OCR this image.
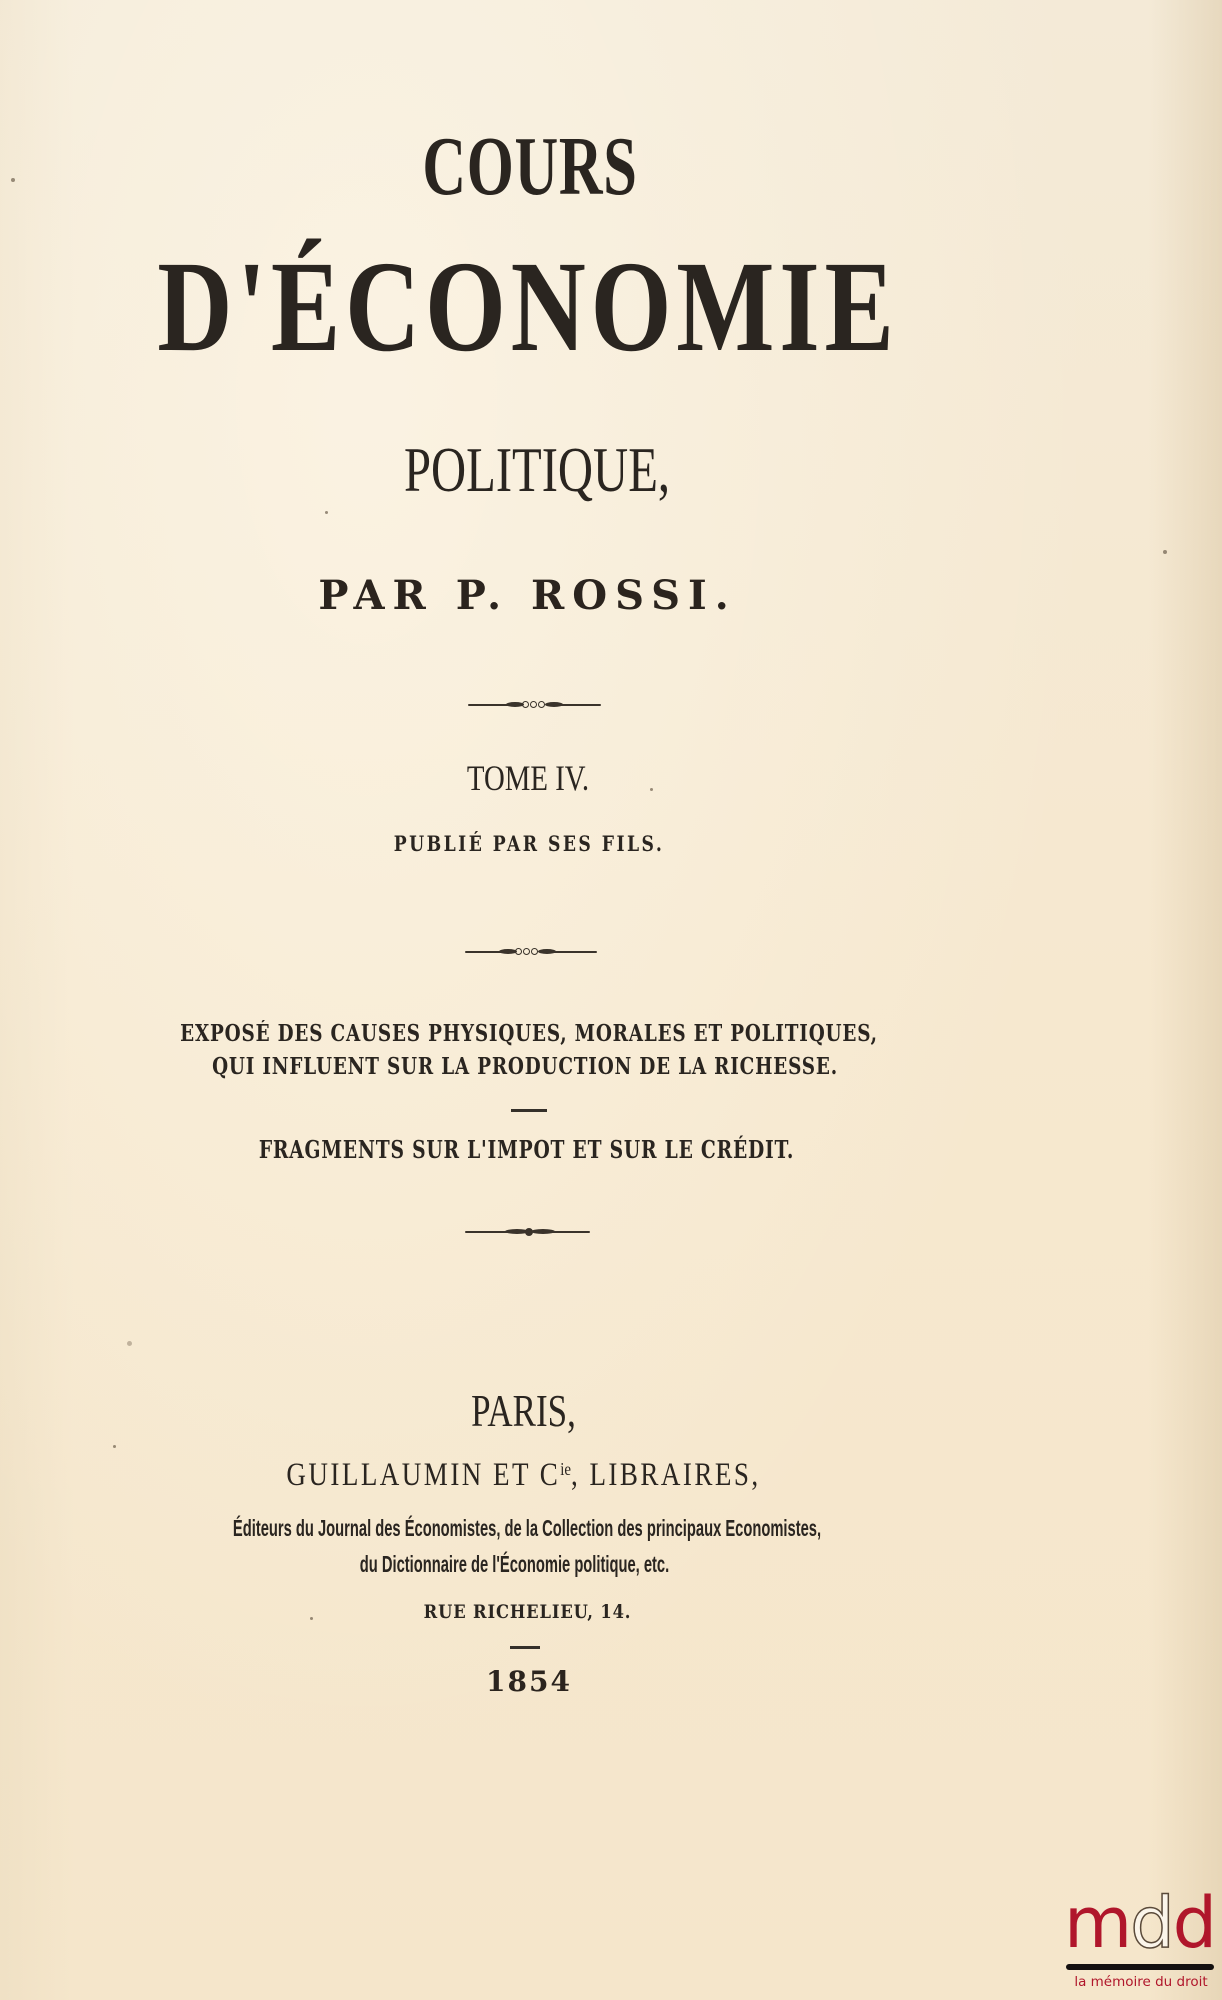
COURS
D'ÉCONOMIE
POLITIQUE,
PAR P. ROSSI.
TOME IV.
PUBLIÉ PAR SES FILS.
EXPOSÉ DES CAUSES PHYSIQUES, MORALES ET POLITIQUES,
QUI INFLUENT SUR LA PRODUCTION DE LA RICHESSE.
FRAGMENTS SUR L'IMPOT ET SUR LE CRÉDIT.
PARIS,
GUILLAUMIN ET $C^{ie}$, LIBRAIRES,
Éditeurs du Journal des Économistes, de la Collection des principaux Economistes,
du Dictionnaire de l'Économie politique, etc.
RUE RICHELIEU, 14.
1854
mdd
la mémoire du droit
